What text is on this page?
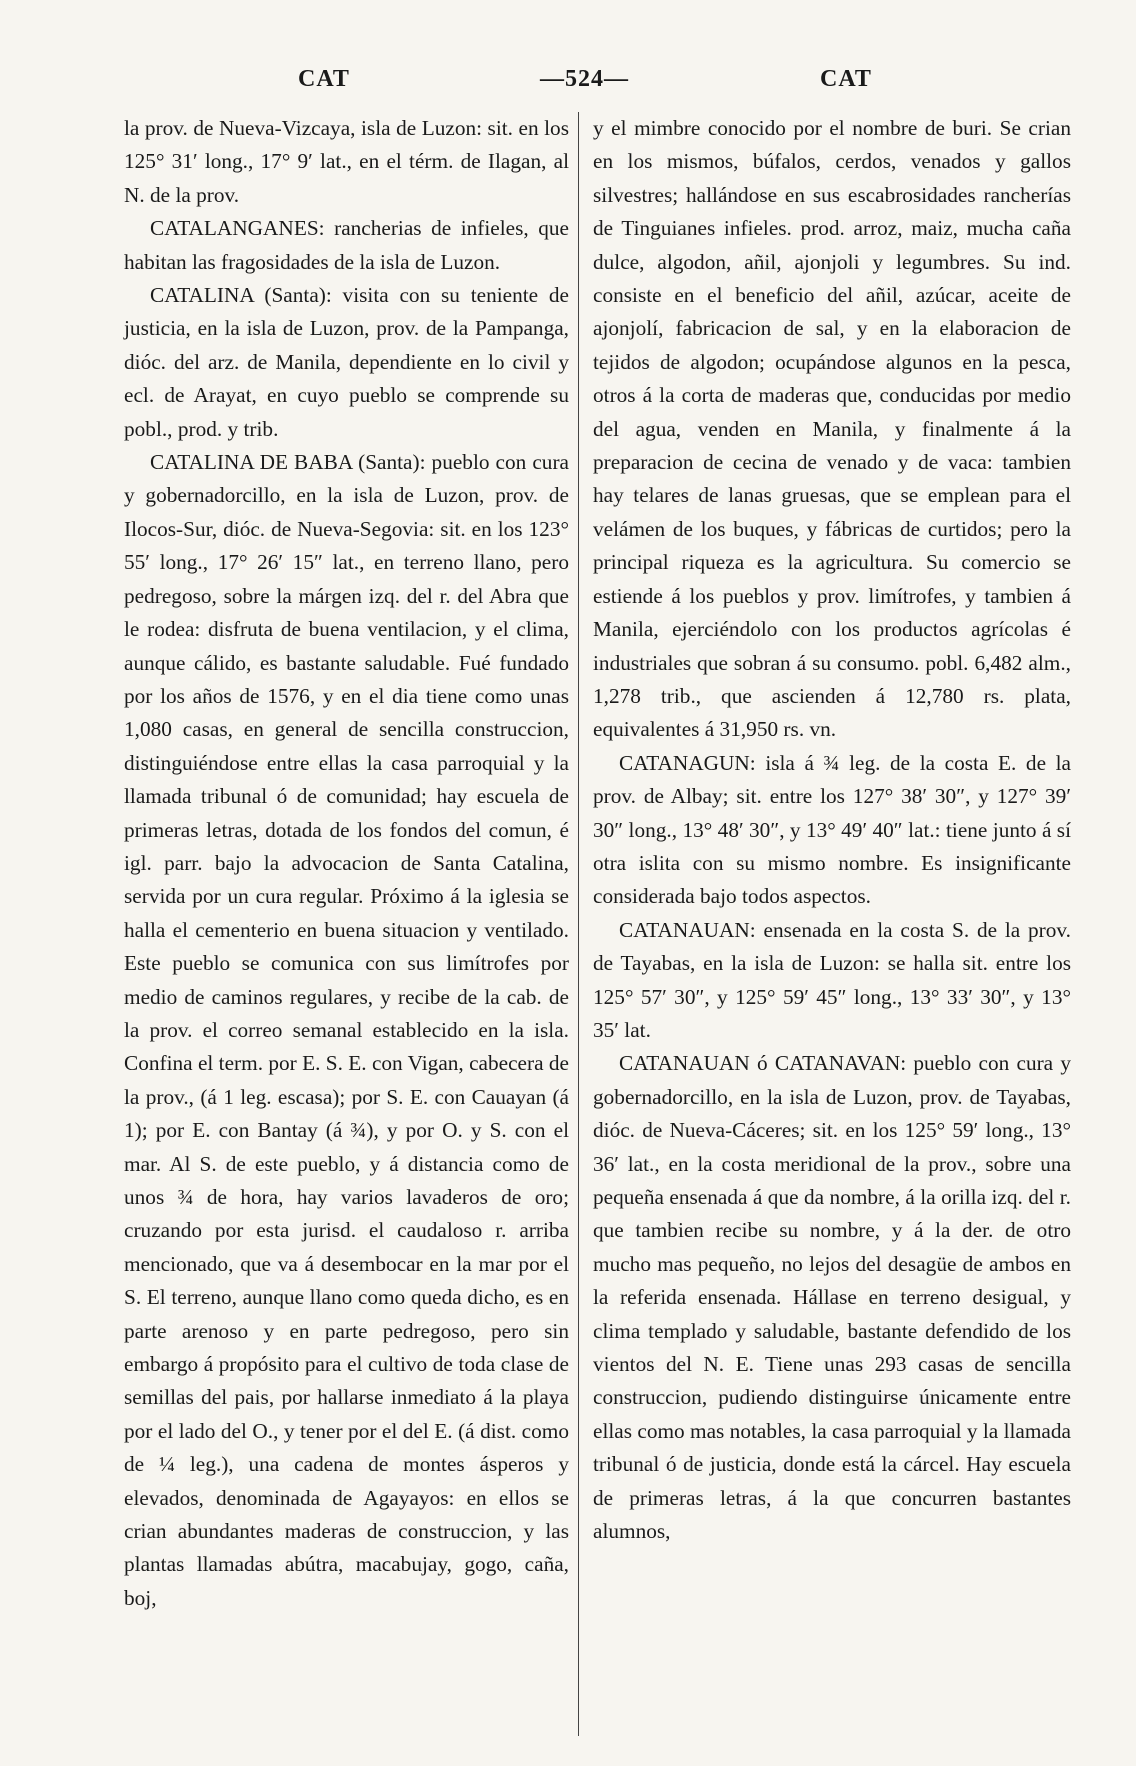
CAT	—524—	CAT

la prov. de Nueva-Vizcaya, isla de Luzon: sit. en los 125° 31′ long., 17° 9′ lat., en el térm. de Ilagan, al N. de la prov.

CATALANGANES: rancherias de infieles, que habitan las fragosidades de la isla de Luzon.

CATALINA (Santa): visita con su teniente de justicia, en la isla de Luzon, prov. de la Pampanga, dióc. del arz. de Manila, dependiente en lo civil y ecl. de Arayat, en cuyo pueblo se comprende su pobl., prod. y trib.

CATALINA DE BABA (Santa): pueblo con cura y gobernadorcillo, en la isla de Luzon, prov. de Ilocos-Sur, dióc. de Nueva-Segovia: sit. en los 123° 55′ long., 17° 26′ 15″ lat., en terreno llano, pero pedregoso, sobre la márgen izq. del r. del Abra que le rodea: disfruta de buena ventilacion, y el clima, aunque cálido, es bastante saludable. Fué fundado por los años de 1576, y en el dia tiene como unas 1,080 casas, en general de sencilla construccion, distinguiéndose entre ellas la casa parroquial y la llamada tribunal ó de comunidad; hay escuela de primeras letras, dotada de los fondos del comun, é igl. parr. bajo la advocacion de Santa Catalina, servida por un cura regular. Próximo á la iglesia se halla el cementerio en buena situacion y ventilado. Este pueblo se comunica con sus limítrofes por medio de caminos regulares, y recibe de la cab. de la prov. el correo semanal establecido en la isla. Confina el term. por E. S. E. con Vigan, cabecera de la prov., (á 1 leg. escasa); por S. E. con Cauayan (á 1); por E. con Bantay (á ¾), y por O. y S. con el mar. Al S. de este pueblo, y á distancia como de unos ¾ de hora, hay varios lavaderos de oro; cruzando por esta jurisd. el caudaloso r. arriba mencionado, que va á desembocar en la mar por el S. El terreno, aunque llano como queda dicho, es en parte arenoso y en parte pedregoso, pero sin embargo á propósito para el cultivo de toda clase de semillas del pais, por hallarse inmediato á la playa por el lado del O., y tener por el del E. (á dist. como de ¼ leg.), una cadena de montes ásperos y elevados, denominada de Agayayos: en ellos se crian abundantes maderas de construccion, y las plantas llamadas abútra, macabujay, gogo, caña, boj,

y el mimbre conocido por el nombre de buri. Se crian en los mismos, búfalos, cerdos, venados y gallos silvestres; hallándose en sus escabrosidades rancherías de Tinguianes infieles. prod. arroz, maiz, mucha caña dulce, algodon, añil, ajonjoli y legumbres. Su ind. consiste en el beneficio del añil, azúcar, aceite de ajonjolí, fabricacion de sal, y en la elaboracion de tejidos de algodon; ocupándose algunos en la pesca, otros á la corta de maderas que, conducidas por medio del agua, venden en Manila, y finalmente á la preparacion de cecina de venado y de vaca: tambien hay telares de lanas gruesas, que se emplean para el velámen de los buques, y fábricas de curtidos; pero la principal riqueza es la agricultura. Su comercio se estiende á los pueblos y prov. limítrofes, y tambien á Manila, ejerciéndolo con los productos agrícolas é industriales que sobran á su consumo. pobl. 6,482 alm., 1,278 trib., que ascienden á 12,780 rs. plata, equivalentes á 31,950 rs. vn.

CATANAGUN: isla á ¾ leg. de la costa E. de la prov. de Albay; sit. entre los 127° 38′ 30″, y 127° 39′ 30″ long., 13° 48′ 30″, y 13° 49′ 40″ lat.: tiene junto á sí otra islita con su mismo nombre. Es insignificante considerada bajo todos aspectos.

CATANAUAN: ensenada en la costa S. de la prov. de Tayabas, en la isla de Luzon: se halla sit. entre los 125° 57′ 30″, y 125° 59′ 45″ long., 13° 33′ 30″, y 13° 35′ lat.

CATANAUAN ó CATANAVAN: pueblo con cura y gobernadorcillo, en la isla de Luzon, prov. de Tayabas, dióc. de Nueva-Cáceres; sit. en los 125° 59′ long., 13° 36′ lat., en la costa meridional de la prov., sobre una pequeña ensenada á que da nombre, á la orilla izq. del r. que tambien recibe su nombre, y á la der. de otro mucho mas pequeño, no lejos del desagüe de ambos en la referida ensenada. Hállase en terreno desigual, y clima templado y saludable, bastante defendido de los vientos del N. E. Tiene unas 293 casas de sencilla construccion, pudiendo distinguirse únicamente entre ellas como mas notables, la casa parroquial y la llamada tribunal ó de justicia, donde está la cárcel. Hay escuela de primeras letras, á la que concurren bastantes alumnos,
